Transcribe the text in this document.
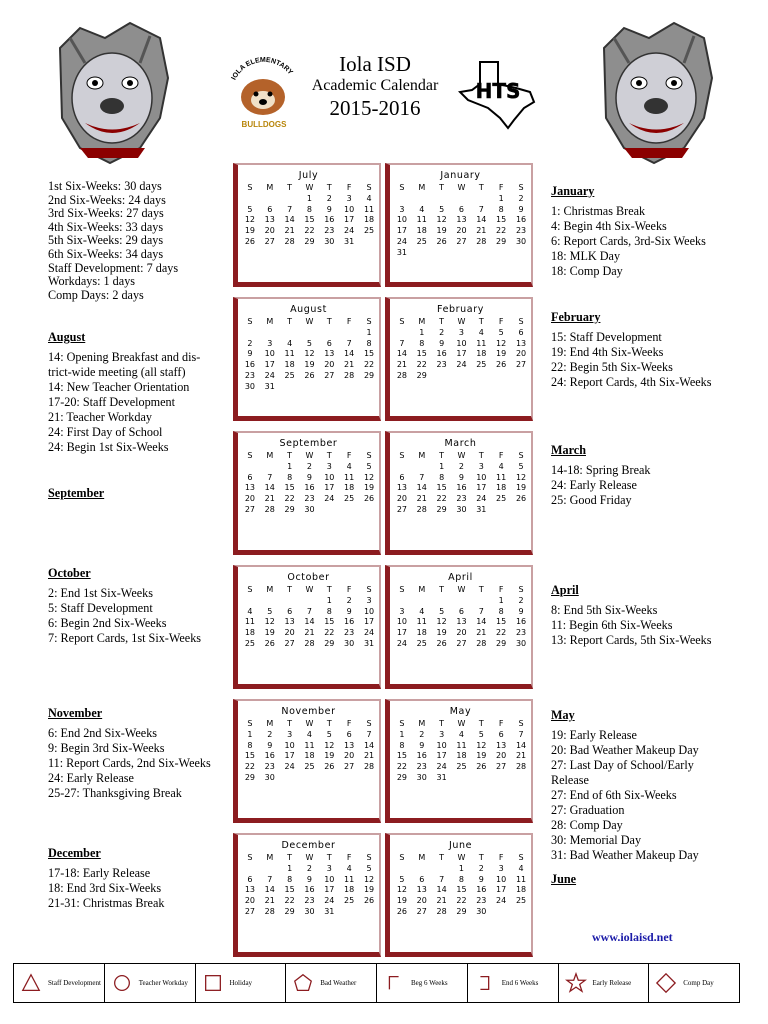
IOLA ELEMENTARY
BULLDOGS
Iola ISD
Academic Calendar
2015-2016
HTS
1st Six-Weeks: 30 days
2nd Six-Weeks: 24 days
3rd Six-Weeks: 27 days
4th Six-Weeks: 33 days
5th Six-Weeks: 29 days
6th Six-Weeks: 34 days
Staff Development: 7 days
Workdays: 1 days
Comp Days: 2 days
August
14: Opening Breakfast and dis-
trict-wide meeting (all staff)
14: New Teacher Orientation
17-20: Staff Development
21: Teacher Workday
24: First Day of School
24: Begin 1st Six-Weeks
September
October
2: End 1st Six-Weeks
5: Staff Development
6: Begin 2nd Six-Weeks
7: Report Cards, 1st Six-Weeks
November
6: End 2nd Six-Weeks
9: Begin 3rd Six-Weeks
11: Report Cards, 2nd Six-Weeks
24: Early Release
25-27: Thanksgiving Break
December
17-18: Early Release
18: End 3rd Six-Weeks
21-31: Christmas Break
January
1: Christmas Break
4: Begin 4th Six-Weeks
6: Report Cards, 3rd-Six Weeks
18: MLK Day
18: Comp Day
February
15: Staff Development
19: End 4th Six-Weeks
22: Begin 5th Six-Weeks
24: Report Cards, 4th Six-Weeks
March
14-18: Spring Break
24: Early Release
25: Good Friday
April
8: End 5th Six-Weeks
11: Begin 6th Six-Weeks
13: Report Cards, 5th Six-Weeks
May
19: Early Release
20: Bad Weather Makeup Day
27: Last Day of School/Early
Release
27: End of 6th Six-Weeks
27: Graduation
28: Comp Day
30: Memorial Day
31: Bad Weather Makeup Day
June
July
S	M	T	W	T	F	S
			1	2	3	4
5	6	7	8	9	10	11
12	13	14	15	16	17	18
19	20	21	22	23	24	25
26	27	28	29	30	31	

January
S	M	T	W	T	F	S
					1	2
3	4	5	6	7	8	9
10	11	12	13	14	15	16
17	18	19	20	21	22	23
24	25	26	27	28	29	30
31						
August
S	M	T	W	T	F	S
						1
2	3	4	5	6	7	8
9	10	11	12	13	14	15
16	17	18	19	20	21	22
23	24	25	26	27	28	29
30	31					
February
S	M	T	W	T	F	S
	1	2	3	4	5	6
7	8	9	10	11	12	13
14	15	16	17	18	19	20
21	22	23	24	25	26	27
28	29					

September
S	M	T	W	T	F	S
		1	2	3	4	5
6	7	8	9	10	11	12
13	14	15	16	17	18	19
20	21	22	23	24	25	26
27	28	29	30			

March
S	M	T	W	T	F	S
		1	2	3	4	5
6	7	8	9	10	11	12
13	14	15	16	17	18	19
20	21	22	23	24	25	26
27	28	29	30	31		

October
S	M	T	W	T	F	S
				1	2	3
4	5	6	7	8	9	10
11	12	13	14	15	16	17
18	19	20	21	22	23	24
25	26	27	28	29	30	31

April
S	M	T	W	T	F	S
					1	2
3	4	5	6	7	8	9
10	11	12	13	14	15	16
17	18	19	20	21	22	23
24	25	26	27	28	29	30

November
S	M	T	W	T	F	S
1	2	3	4	5	6	7
8	9	10	11	12	13	14
15	16	17	18	19	20	21
22	23	24	25	26	27	28
29	30					

May
S	M	T	W	T	F	S
1	2	3	4	5	6	7
8	9	10	11	12	13	14
15	16	17	18	19	20	21
22	23	24	25	26	27	28
29	30	31				

December
S	M	T	W	T	F	S
		1	2	3	4	5
6	7	8	9	10	11	12
13	14	15	16	17	18	19
20	21	22	23	24	25	26
27	28	29	30	31		

June
S	M	T	W	T	F	S
			1	2	3	4
5	6	7	8	9	10	11
12	13	14	15	16	17	18
19	20	21	22	23	24	25
26	27	28	29	30		

www.iolaisd.net
Staff Development	Teacher Workday	Holiday	Bad Weather	Beg 6 Weeks	End 6 Weeks	Early Release	Comp Day
